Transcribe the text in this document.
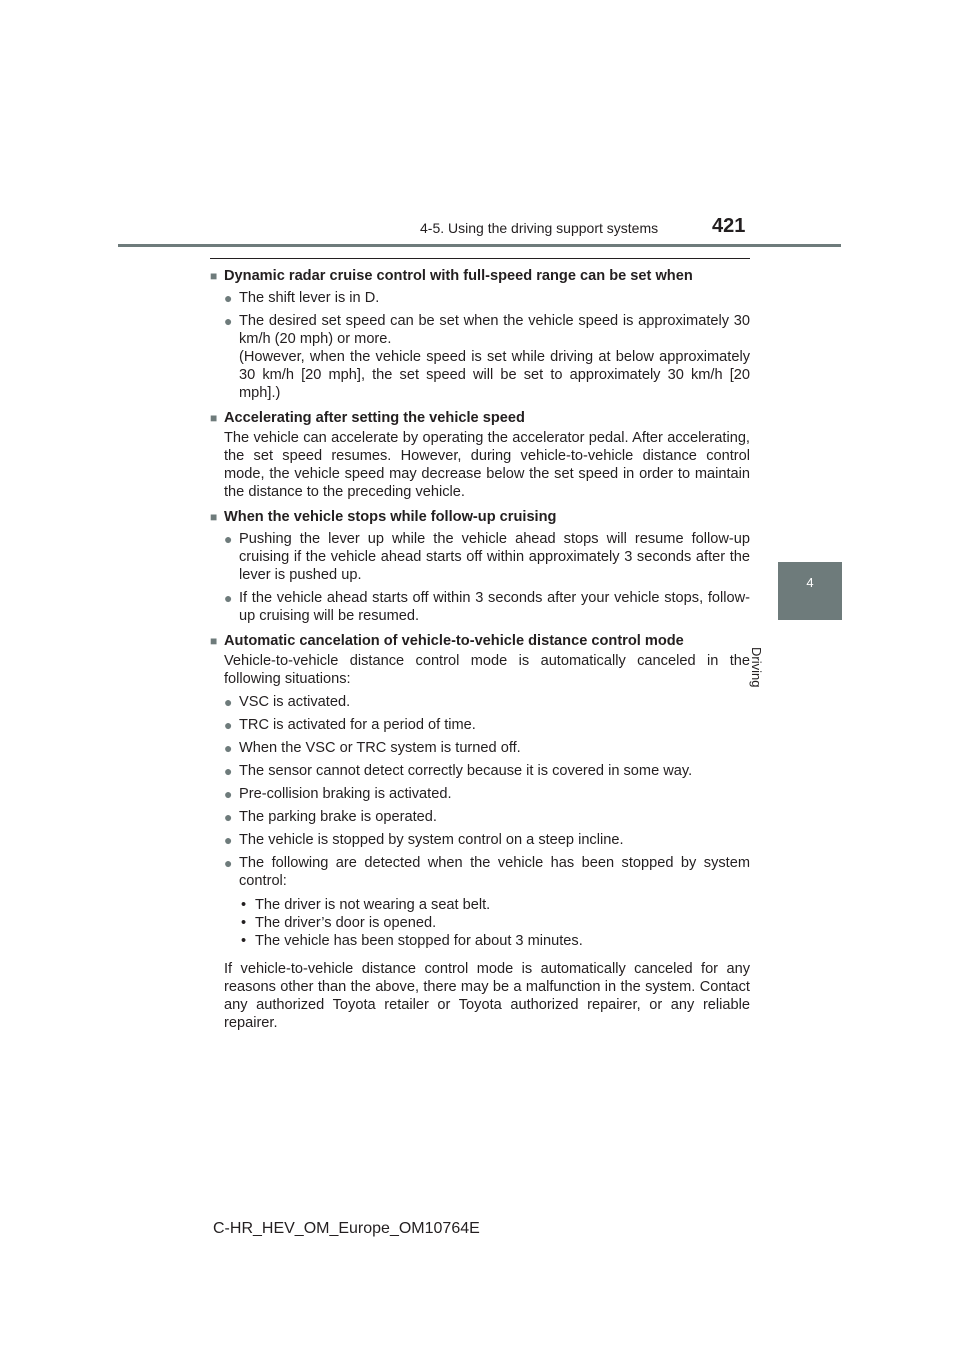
4-5. Using the driving support systems	421
4
Driving
■ Dynamic radar cruise control with full-speed range can be set when
● The shift lever is in D.
● The desired set speed can be set when the vehicle speed is approximately 30 km/h (20 mph) or more.
(However, when the vehicle speed is set while driving at below approximately 30 km/h [20 mph], the set speed will be set to approximately 30 km/h [20 mph].)
■ Accelerating after setting the vehicle speed
The vehicle can accelerate by operating the accelerator pedal. After accelerating, the set speed resumes. However, during vehicle-to-vehicle distance control mode, the vehicle speed may decrease below the set speed in order to maintain the distance to the preceding vehicle.
■ When the vehicle stops while follow-up cruising
● Pushing the lever up while the vehicle ahead stops will resume follow-up cruising if the vehicle ahead starts off within approximately 3 seconds after the lever is pushed up.
● If the vehicle ahead starts off within 3 seconds after your vehicle stops, follow-up cruising will be resumed.
■ Automatic cancelation of vehicle-to-vehicle distance control mode
Vehicle-to-vehicle distance control mode is automatically canceled in the following situations:
● VSC is activated.
● TRC is activated for a period of time.
● When the VSC or TRC system is turned off.
● The sensor cannot detect correctly because it is covered in some way.
● Pre-collision braking is activated.
● The parking brake is operated.
● The vehicle is stopped by system control on a steep incline.
● The following are detected when the vehicle has been stopped by system control:
• The driver is not wearing a seat belt.
• The driver’s door is opened.
• The vehicle has been stopped for about 3 minutes.
If vehicle-to-vehicle distance control mode is automatically canceled for any reasons other than the above, there may be a malfunction in the system. Contact any authorized Toyota retailer or Toyota authorized repairer, or any reliable repairer.
C-HR_HEV_OM_Europe_OM10764E
